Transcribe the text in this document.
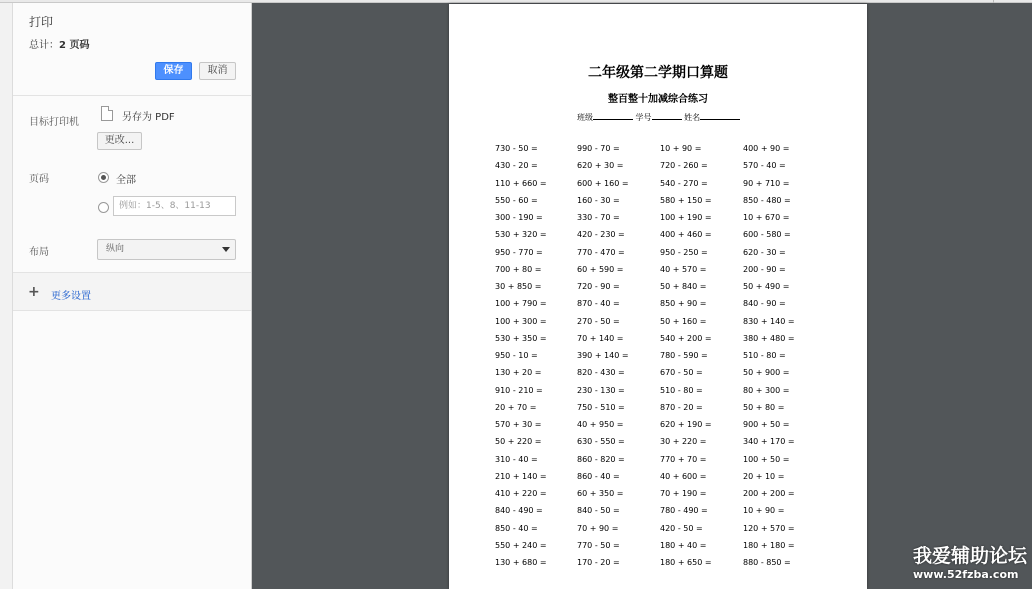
打印
总计：2 页码
保存	取消
目标打印机	另存为 PDF
更改...
页码	全部
例如：1-5、8、11-13
布局	纵向
+ 更多设置
二年级第二学期口算题
整百整十加减综合练习
班级	学号	姓名
730 - 50 =	990 - 70 =	10 + 90 =	400 + 90 =
430 - 20 =	620 + 30 =	720 - 260 =	570 - 40 =
110 + 660 =	600 + 160 =	540 - 270 =	90 + 710 =
550 - 60 =	160 - 30 =	580 + 150 =	850 - 480 =
300 - 190 =	330 - 70 =	100 + 190 =	10 + 670 =
530 + 320 =	420 - 230 =	400 + 460 =	600 - 580 =
950 - 770 =	770 - 470 =	950 - 250 =	620 - 30 =
700 + 80 =	60 + 590 =	40 + 570 =	200 - 90 =
30 + 850 =	720 - 90 =	50 + 840 =	50 + 490 =
100 + 790 =	870 - 40 =	850 + 90 =	840 - 90 =
100 + 300 =	270 - 50 =	50 + 160 =	830 + 140 =
530 + 350 =	70 + 140 =	540 + 200 =	380 + 480 =
950 - 10 =	390 + 140 =	780 - 590 =	510 - 80 =
130 + 20 =	820 - 430 =	670 - 50 =	50 + 900 =
910 - 210 =	230 - 130 =	510 - 80 =	80 + 300 =
20 + 70 =	750 - 510 =	870 - 20 =	50 + 80 =
570 + 30 =	40 + 950 =	620 + 190 =	900 + 50 =
50 + 220 =	630 - 550 =	30 + 220 =	340 + 170 =
310 - 40 =	860 - 820 =	770 + 70 =	100 + 50 =
210 + 140 =	860 - 40 =	40 + 600 =	20 + 10 =
410 + 220 =	60 + 350 =	70 + 190 =	200 + 200 =
840 - 490 =	840 - 50 =	780 - 490 =	10 + 90 =
850 - 40 =	70 + 90 =	420 - 50 =	120 + 570 =
550 + 240 =	770 - 50 =	180 + 40 =	180 + 180 =
130 + 680 =	170 - 20 =	180 + 650 =	880 - 850 =	我爱辅助论坛
www.52fzba.com
